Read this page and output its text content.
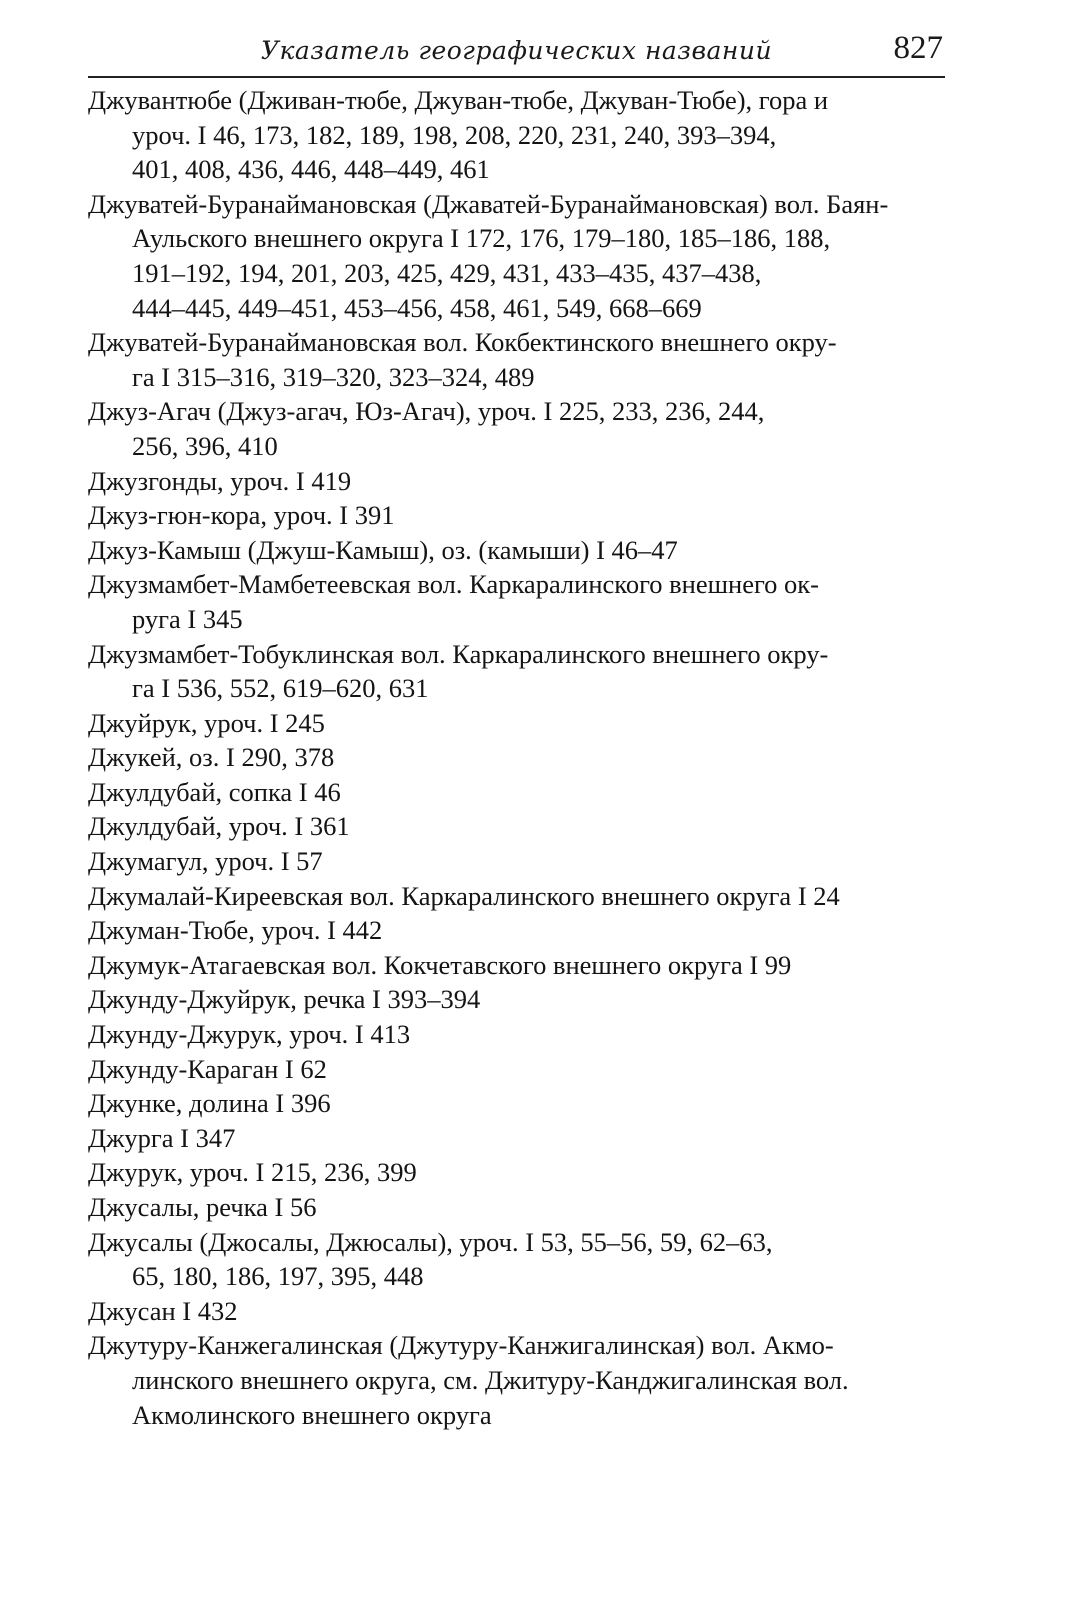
Указатель географических названий	827
Джувантюбе (Дживан-тюбе, Джуван-тюбе, Джуван-Тюбе), гора и
уроч. I 46, 173, 182, 189, 198, 208, 220, 231, 240, 393–394,
401, 408, 436, 446, 448–449, 461
Джуватей-Буранаймановская (Джаватей-Буранаймановская) вол. Баян-
Аульского внешнего округа I 172, 176, 179–180, 185–186, 188,
191–192, 194, 201, 203, 425, 429, 431, 433–435, 437–438,
444–445, 449–451, 453–456, 458, 461, 549, 668–669
Джуватей-Буранаймановская вол. Кокбектинского внешнего окру-
га I 315–316, 319–320, 323–324, 489
Джуз-Агач (Джуз-агач, Юз-Агач), уроч. I 225, 233, 236, 244,
256, 396, 410
Джузгонды, уроч. I 419
Джуз-гюн-кора, уроч. I 391
Джуз-Камыш (Джуш-Камыш), оз. (камыши) I 46–47
Джузмамбет-Мамбетеевская вол. Каркаралинского внешнего ок-
руга I 345
Джузмамбет-Тобуклинская вол. Каркаралинского внешнего окру-
га I 536, 552, 619–620, 631
Джуйрук, уроч. I 245
Джукей, оз. I 290, 378
Джулдубай, сопка I 46
Джулдубай, уроч. I 361
Джумагул, уроч. I 57
Джумалай-Киреевская вол. Каркаралинского внешнего округа I 24
Джуман-Тюбе, уроч. I 442
Джумук-Атагаевская вол. Кокчетавского внешнего округа I 99
Джунду-Джуйрук, речка I 393–394
Джунду-Джурук, уроч. I 413
Джунду-Караган I 62
Джунке, долина I 396
Джурга I 347
Джурук, уроч. I 215, 236, 399
Джусалы, речка I 56
Джусалы (Джосалы, Джюсалы), уроч. I 53, 55–56, 59, 62–63,
65, 180, 186, 197, 395, 448
Джусан I 432
Джутуру-Канжегалинская (Джутуру-Канжигалинская) вол. Акмо-
линского внешнего округа, см. Джитуру-Канджигалинская вол.
Акмолинского внешнего округа
